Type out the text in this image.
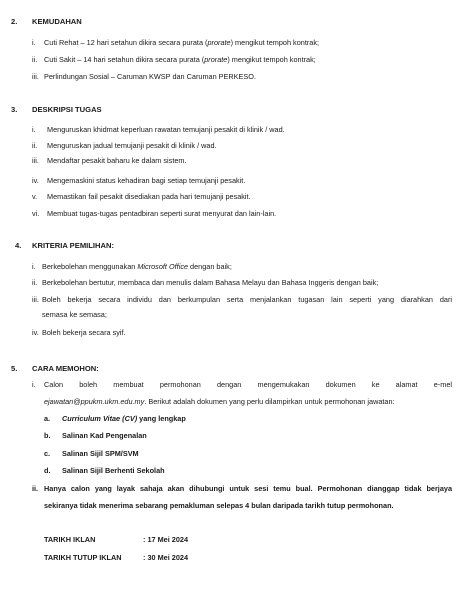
2. KEMUDAHAN
i. Cuti Rehat – 12 hari setahun dikira secara purata (prorate) mengikut tempoh kontrak;
ii. Cuti Sakit – 14 hari setahun dikira secara purata (prorate) mengikut tempoh kontrak;
iii. Perlindungan Sosial – Caruman KWSP dan Caruman PERKESO.
3. DESKRIPSI TUGAS
i. Menguruskan khidmat keperluan rawatan temujanji pesakit di klinik / wad.
ii. Menguruskan jadual temujanji pesakit di klinik / wad.
iii. Mendaftar pesakit baharu ke dalam sistem.
iv. Mengemaskini status kehadiran bagi setiap temujanji pesakit.
v. Memastikan fail pesakit disediakan pada hari temujanji pesakit.
vi. Membuat tugas-tugas pentadbiran seperti surat menyurat dan lain-lain.
4. KRITERIA PEMILIHAN:
i. Berkebolehan menggunakan Microsoft Office dengan baik;
ii. Berkebolehan bertutur, membaca dan menulis dalam Bahasa Melayu dan Bahasa Inggeris dengan baik;
iii. Boleh bekerja secara individu dan berkumpulan serta menjalankan tugasan lain seperti yang diarahkan dari
semasa ke semasa;
iv. Boleh bekerja secara syif.
5. CARA MEMOHON:
i. Calon boleh membuat permohonan dengan mengemukakan dokumen ke alamat e-mel
ejawatan@ppukm.ukm.edu.my. Berikut adalah dokumen yang perlu dilampirkan untuk permohonan jawatan:
a. Curriculum Vitae (CV) yang lengkap
b. Salinan Kad Pengenalan
c. Salinan Sijil SPM/SVM
d. Salinan Sijil Berhenti Sekolah
ii. Hanya calon yang layak sahaja akan dihubungi untuk sesi temu bual. Permohonan dianggap tidak berjaya
sekiranya tidak menerima sebarang pemakluman selepas 4 bulan daripada tarikh tutup permohonan.
TARIKH IKLAN	: 17 Mei 2024
TARIKH TUTUP IKLAN	: 30 Mei 2024
